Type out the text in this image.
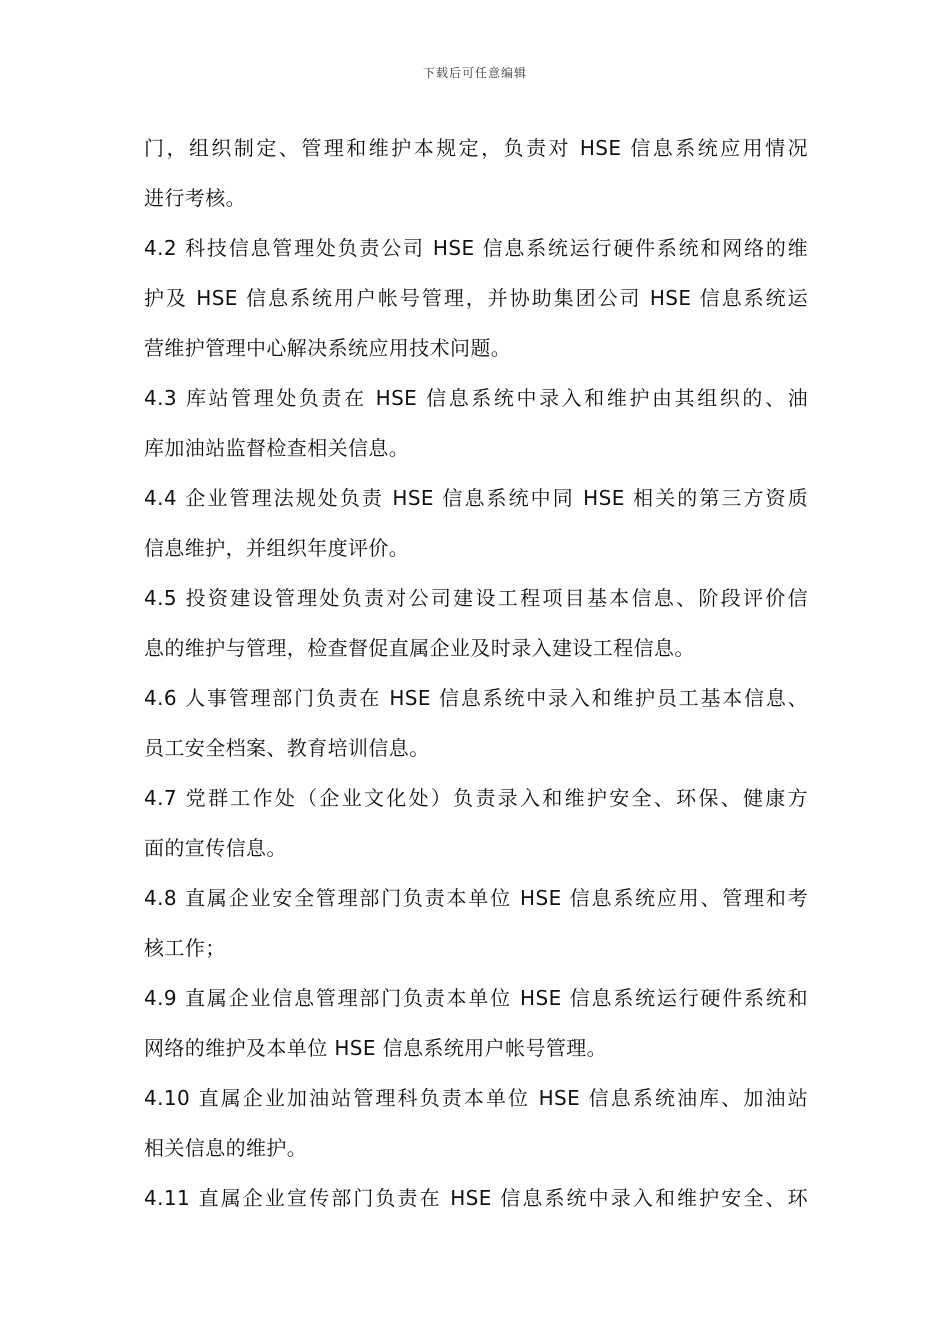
下载后可任意编辑
门，组织制定、管理和维护本规定，负责对 HSE 信息系统应用情况
进行考核。
4.2 科技信息管理处负责公司 HSE 信息系统运行硬件系统和网络的维
护及 HSE 信息系统用户帐号管理，并协助集团公司 HSE 信息系统运
营维护管理中心解决系统应用技术问题。
4.3 库站管理处负责在 HSE 信息系统中录入和维护由其组织的、油
库加油站监督检查相关信息。
4.4 企业管理法规处负责 HSE 信息系统中同 HSE 相关的第三方资质
信息维护，并组织年度评价。
4.5 投资建设管理处负责对公司建设工程项目基本信息、阶段评价信
息的维护与管理，检查督促直属企业及时录入建设工程信息。
4.6 人事管理部门负责在 HSE 信息系统中录入和维护员工基本信息、
员工安全档案、教育培训信息。
4.7 党群工作处（企业文化处）负责录入和维护安全、环保、健康方
面的宣传信息。
4.8 直属企业安全管理部门负责本单位 HSE 信息系统应用、管理和考
核工作；
4.9 直属企业信息管理部门负责本单位 HSE 信息系统运行硬件系统和
网络的维护及本单位 HSE 信息系统用户帐号管理。
4.10 直属企业加油站管理科负责本单位 HSE 信息系统油库、加油站
相关信息的维护。
4.11 直属企业宣传部门负责在 HSE 信息系统中录入和维护安全、环
